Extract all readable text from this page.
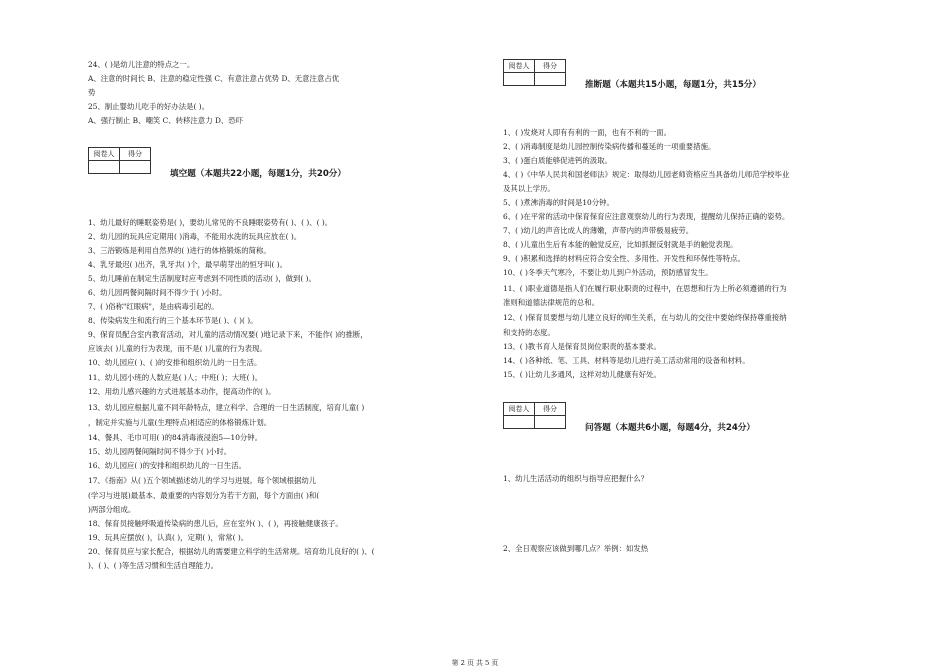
24、( )是幼儿注意的特点之一。
A、注意的时间长 B、注意的稳定性强 C、有意注意占优势 D、无意注意占优
势
25、制止婴幼儿吃手的好办法是( )。
A、强行制止 B、嘲笑 C、转移注意力 D、恐吓
阅卷人	得分

填空题（本题共22小题，每题1分，共20分）
1、幼儿最好的睡眠姿势是( )，要幼儿常见的不良睡眠姿势有( )、( )、( )。
2、幼儿园的玩具应定期用( )消毒，不能用水洗的玩具应放在( )。
3、三浴锻炼是利用自然界的( )进行的体格锻炼的简称。
4、乳牙最迟( )出齐，乳牙共( )个，最早萌芽出的恒牙叫( )。
5、幼儿睡前在制定生活制度时应考虑到不同性质的活动( )，做到( )。
6、幼儿园两餐间隔时间不得少于( )小时。
7、( )俗称"红眼病"，是由病毒引起的。
8、传染病发生和流行的三个基本环节是( )、( )( )。
9、保育员配合室内教育活动，对儿童的活动情况要( )地记录下来，不能作( )的推断，
应该去( )儿童的行为表现，而不是( )儿童的行为表现。
10、幼儿园应( )、( )的安排和组织幼儿的一日生活。
11、幼儿园小班的人数应是( )人；中班( )；大班( )。
12、用幼儿感兴趣的方式进展基本动作，提高动作的( )。
13、幼儿园应根据儿童不同年龄特点，建立科学、合理的一日生活制度，培育儿童( )
，制定并实施与儿童(生理特点)相适应的体格锻炼计划。
14、餐具、毛巾可用( )的84消毒液浸泡5—10分钟。
15、幼儿园两餐间隔时间不得少于( )小时。
16、幼儿园应( )的安排和组织幼儿的一日生活。
17、《指南》从( )五个领域描述幼儿的学习与进展。每个领域根据幼儿
(学习与进展)最基本、最重要的内容划分为若干方面，每个方面由( )和(
)两部分组成。
18、保育员接触呼吸道传染病的患儿后，应在室外( )、( )，再接触健康孩子。
19、玩具应摆放( )，认真( )，定期( )，常常( )。
20、保育员应与家长配合，根据幼儿的需要建立科学的生活常规。培育幼儿良好的( )、(
)、( )、( )等生活习惯和生活自理能力。
阅卷人	得分

推断题（本题共15小题，每题1分，共15分）
1、( )发烧对人即有有利的一面，也有不利的一面。
2、( )消毒制度是幼儿园控制传染病传播和蔓延的一项重要措施。
3、( )蛋白质能够促进钙的汲取。
4、( )《中华人民共和国老师法》规定：取得幼儿园老师资格应当具备幼儿师范学校毕业
及其以上学历。
5、( )煮沸消毒的时间是10分钟。
6、( )在平常的活动中保育保育应注意观察幼儿的行为表现，提醒幼儿保持正确的姿势。
7、( )幼儿的声音比成人的薄嫩，声带内的声带极易疲劳。
8、( )儿童出生后有本能的触觉反应，比如抓握反射就是手的触觉表现。
9、( )积累和选择的材料应符合安全性、多用性、开发性和环保性等特点。
10、( )冬季天气寒冷，不要让幼儿到户外活动，预防感冒发生。
11、( )职业道德是指人们在履行职业职责的过程中，在思想和行为上所必须遵循的行为
准则和道德法律规范的总和。
12、( )保育员要想与幼儿建立良好的师生关系，在与幼儿的交往中要始终保持尊重接纳
和支持的态度。
13、( )教书育人是保育员岗位职责的基本要求。
14、( )各种纸、笔、工具、材料等是幼儿进行美工活动常用的设备和材料。
15、( )让幼儿多通风，这样对幼儿健康有好处。
阅卷人	得分

问答题（本题共6小题，每题4分，共24分）
1、幼儿生活活动的组织与指导应把握什么？
2、全日观察应该做到哪几点？举例：如发热
第 2 页 共 5 页
